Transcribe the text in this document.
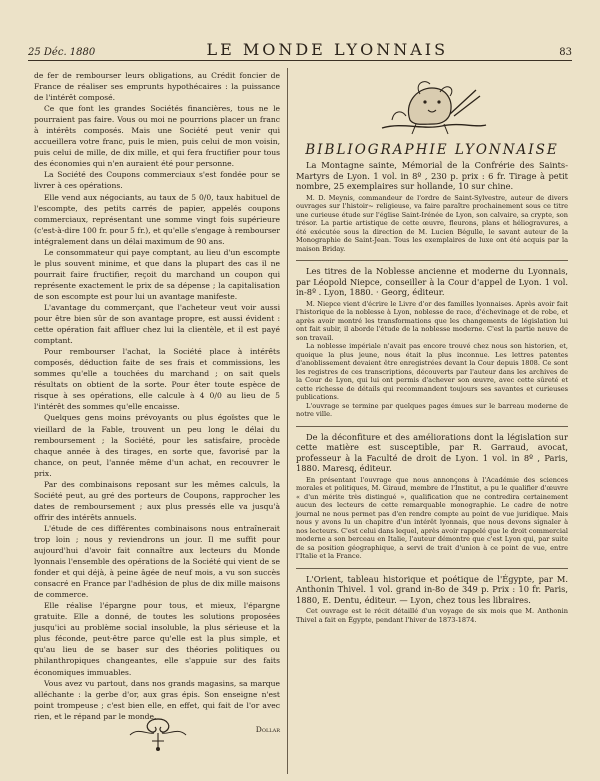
25 Déc. 1880	LE MONDE LYONNAIS	83

de fer de rembourser leurs obligations, au Crédit foncier de France de réaliser ses emprunts hypothécaires : la puissance de l'intérêt composé.

Ce que font les grandes Sociétés financières, tous ne le pourraient pas faire. Vous ou moi ne pourrions placer un franc à intérêts composés. Mais une Société peut venir qui accueillera votre franc, puis le mien, puis celui de mon voisin, puis celui de mille, de dix mille, et qui fera fructifier pour tous des économies qui n'en auraient été pour personne.

La Société des Coupons commerciaux s'est fondée pour se livrer à ces opérations.

Elle vend aux négociants, au taux de 5 0/0, taux habituel de l'escompte, des petits carrés de papier, appelés coupons commerciaux, représentant une somme vingt fois supérieure (c'est-à-dire 100 fr. pour 5 fr.), et qu'elle s'engage à rembourser intégralement dans un délai maximum de 90 ans.

Le consommateur qui paye comptant, au lieu d'un escompte le plus souvent minime, et que dans la plupart des cas il ne pourrait faire fructifier, reçoit du marchand un coupon qui représente exactement le prix de sa dépense ; la capitalisation de son escompte est pour lui un avantage manifeste.

L'avantage du commerçant, que l'acheteur veut voir aussi pour être bien sûr de son avantage propre, est aussi évident : cette opération fait affluer chez lui la clientèle, et il est payé comptant.

Pour rembourser l'achat, la Société place à intérêts composés, déduction faite de ses frais et commissions, les sommes qu'elle a touchées du marchand ; on sait quels résultats on obtient de la sorte. Pour êter toute espèce de risque à ses opérations, elle calcule à 4 0/0 au lieu de 5 l'intérêt des sommes qu'elle encaisse.

Quelques gens moins prévoyants ou plus égoïstes que le vieillard de la Fable, trouvent un peu long le délai du remboursement ; la Société, pour les satisfaire, procède chaque année à des tirages, en sorte que, favorisé par la chance, on peut, l'année même d'un achat, en recouvrer le prix.

Par des combinaisons reposant sur les mêmes calculs, la Société peut, au gré des porteurs de Coupons, rapprocher les dates de remboursement ; aux plus pressés elle va jusqu'à offrir des intérêts annuels.

L'étude de ces différentes combinaisons nous entraînerait trop loin ; nous y reviendrons un jour. Il me suffit pour aujourd'hui d'avoir fait connaître aux lecteurs du Monde lyonnais l'ensemble des opérations de la Société qui vient de se fonder et qui déjà, à peine âgée de neuf mois, a vu son succès consacré en France par l'adhésion de plus de dix mille maisons de commerce.

Elle réalise l'épargne pour tous, et mieux, l'épargne gratuite. Elle a donné, de toutes les solutions proposées jusqu'ici au problème social insoluble, la plus sérieuse et la plus féconde, peut-être parce qu'elle est la plus simple, et qu'au lieu de se baser sur des théories politiques ou philanthropiques changeantes, elle s'appuie sur des faits économiques immuables.

Vous avez vu partout, dans nos grands magasins, sa marque alléchante : la gerbe d'or, aux gras épis. Son enseigne n'est point trompeuse ; c'est bien elle, en effet, qui fait de l'or avec rien, et le répand par le monde.

Dollar
BIBLIOGRAPHIE LYONNAISE

La Montagne sainte, Mémorial de la Confrérie des Saints-Martyrs de Lyon. 1 vol. in 8º , 230 p. prix : 6 fr. Tirage à petit nombre, 25 exemplaires sur hollande, 10 sur chine.

M. D. Meynis, commandeur de l'ordre de Saint-Sylvestre, auteur de divers ouvrages sur l'histoir~ religieuse, va faire paraître prochainement sous ce titre une curieuse étude sur l'église Saint-Irénée de Lyon, son calvaire, sa crypte, son trésor. La partie artistique de cette œuvre, fleurons, plans et héliogravures, a été exécutée sous la direction de M. Lucien Bégulle, le savant auteur de la Monographie de Saint-Jean. Tous les exemplaires de luxe ont été acquis par la maison Briday.

Les titres de la Noblesse ancienne et moderne du Lyonnais, par Léopold Niepce, conseiller à la Cour d'appel de Lyon. 1 vol. in-8º . Lyon, 1880. · Georg, éditeur.

M. Niepce vient d'écrire le Livre d'or des familles lyonnaises. Après avoir fait l'historique de la noblesse à Lyon, noblesse de race, d'échevinage et de robe, et après avoir montré les transformations que les changements de législation lui ont fait subir, il aborde l'étude de la noblesse moderne. C'est la partie neuve de son travail.

La noblesse impériale n'avait pas encore trouvé chez nous son historien, et, quoique la plus jeune, nous était la plus inconnue. Les lettres patentes d'anoblissement devaient être enregistrées devant la Cour depuis 1808. Ce sont les registres de ces transcriptions, découverts par l'auteur dans les archives de la Cour de Lyon, qui lui ont permis d'achever son œuvre, avec cette sûreté et cette richesse de détails qui recommandent toujours ses savantes et curieuses publications.

L'ouvrage se termine par quelques pages émues sur le barreau moderne de notre ville.

De la déconfiture et des améliorations dont la législation sur cette matière est susceptible, par R. Garraud, avocat, professeur à la Faculté de droit de Lyon. 1 vol. in 8º , Paris, 1880. Maresq, éditeur.

En présentant l'ouvrage que nous annonçons à l'Académie des sciences morales et politiques, M. Giraud, membre de l'Institut, a pu le qualifier d'œuvre « d'un mérite très distingué », qualification que ne contredira certainement aucun des lecteurs de cette remarquable monographie. Le cadre de notre journal ne nous permet pas d'en rendre compte au point de vue juridique. Mais nous y avons lu un chapitre d'un intérêt lyonnais, que nous devons signaler à nos lecteurs. C'est celui dans lequel, après avoir rappelé que le droit commercial moderne a son berceau en Italie, l'auteur démontre que c'est Lyon qui, par suite de sa position géographique, a servi de trait d'union à ce point de vue, entre l'Italie et la France.

L'Orient, tableau historique et poétique de l'Égypte, par M. Anthonin Thivel. 1 vol. grand in-8o de 349 p. Prix : 10 fr. Paris, 1880, E. Dentu, éditeur. — Lyon, chez tous les libraires.

Cet ouvrage est le récit détaillé d'un voyage de six mois que M. Anthonin Thivel a fait en Égypte, pendant l'hiver de 1873-1874.
